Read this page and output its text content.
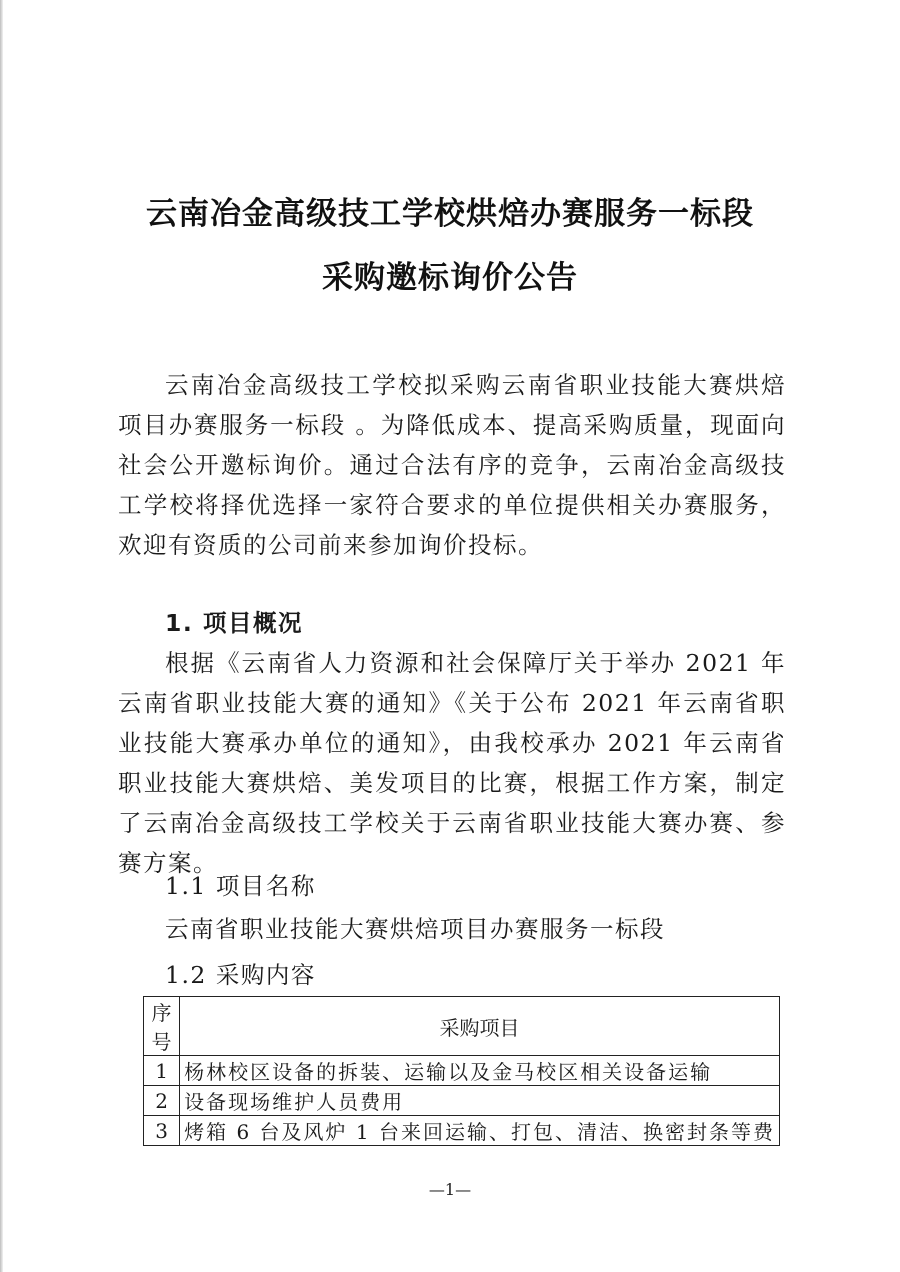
云南冶金高级技工学校烘焙办赛服务一标段
采购邀标询价公告

云南冶金高级技工学校拟采购云南省职业技能大赛烘焙项目办赛服务一标段 。为降低成本、提高采购质量，现面向社会公开邀标询价。通过合法有序的竞争，云南冶金高级技工学校将择优选择一家符合要求的单位提供相关办赛服务，欢迎有资质的公司前来参加询价投标。

1. 项目概况

根据《云南省人力资源和社会保障厅关于举办 2021 年云南省职业技能大赛的通知》《关于公布 2021 年云南省职业技能大赛承办单位的通知》，由我校承办 2021 年云南省职业技能大赛烘焙、美发项目的比赛，根据工作方案，制定了云南冶金高级技工学校关于云南省职业技能大赛办赛、参赛方案。

1.1 项目名称

云南省职业技能大赛烘焙项目办赛服务一标段

1.2 采购内容

序号	采购项目
1	杨林校区设备的拆装、运输以及金马校区相关设备运输
2	设备现场维护人员费用
3	烤箱 6 台及风炉 1 台来回运输、打包、清洁、换密封条等费
—1—
